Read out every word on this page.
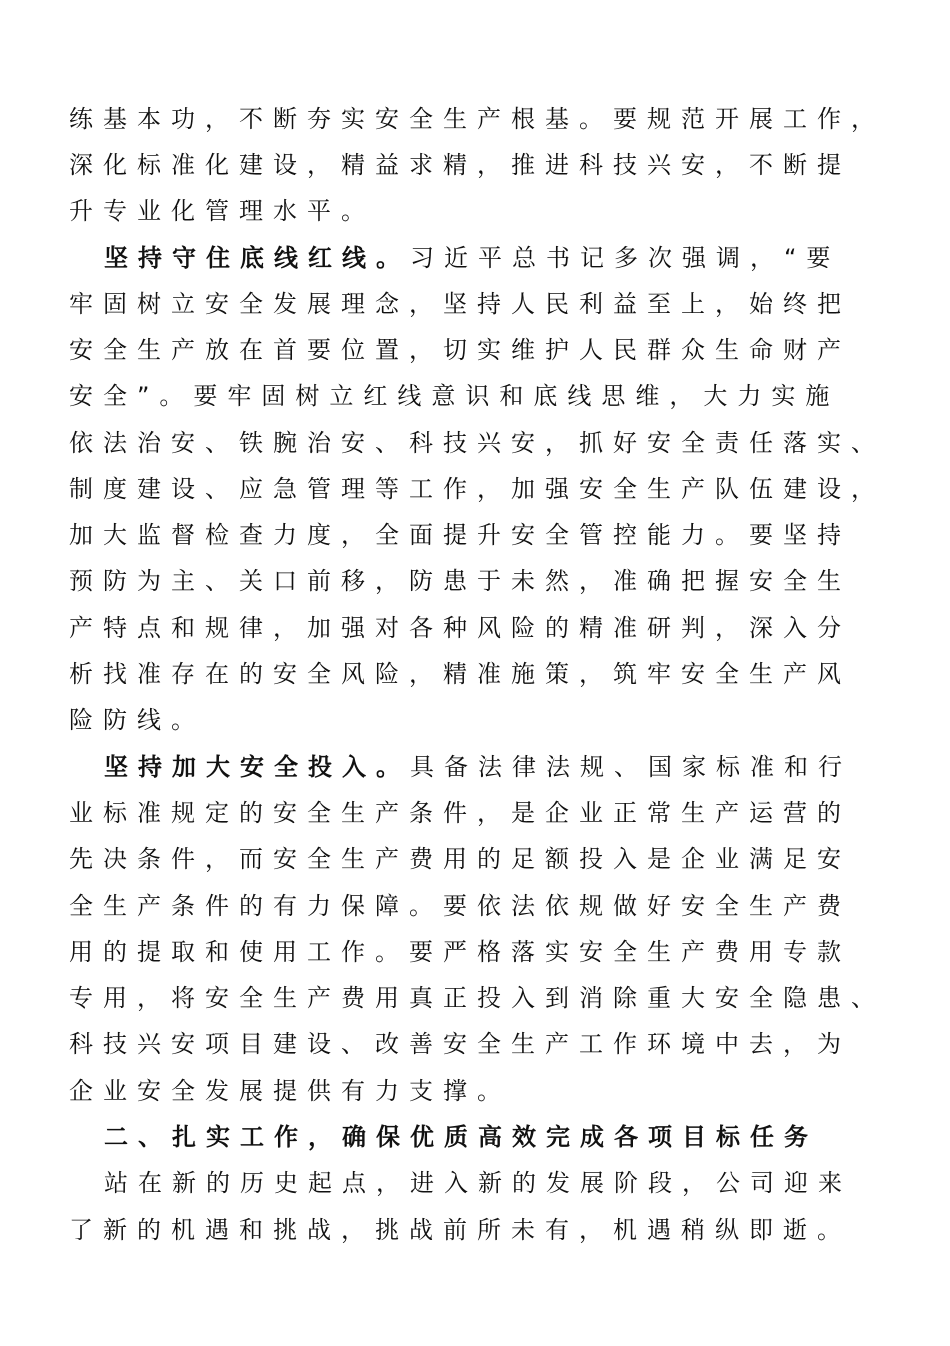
练基本功，不断夯实安全生产根基。要规范开展工作，
深化标准化建设，精益求精，推进科技兴安，不断提
升专业化管理水平。
坚持守住底线红线。习近平总书记多次强调，“要
牢固树立安全发展理念，坚持人民利益至上，始终把
安全生产放在首要位置，切实维护人民群众生命财产
安全”。要牢固树立红线意识和底线思维，大力实施
依法治安、铁腕治安、科技兴安，抓好安全责任落实、
制度建设、应急管理等工作，加强安全生产队伍建设，
加大监督检查力度，全面提升安全管控能力。要坚持
预防为主、关口前移，防患于未然，准确把握安全生
产特点和规律，加强对各种风险的精准研判，深入分
析找准存在的安全风险，精准施策，筑牢安全生产风
险防线。
坚持加大安全投入。具备法律法规、国家标准和行
业标准规定的安全生产条件，是企业正常生产运营的
先决条件，而安全生产费用的足额投入是企业满足安
全生产条件的有力保障。要依法依规做好安全生产费
用的提取和使用工作。要严格落实安全生产费用专款
专用，将安全生产费用真正投入到消除重大安全隐患、
科技兴安项目建设、改善安全生产工作环境中去，为
企业安全发展提供有力支撑。
二、扎实工作，确保优质高效完成各项目标任务
站在新的历史起点，进入新的发展阶段，公司迎来
了新的机遇和挑战，挑战前所未有，机遇稍纵即逝。
